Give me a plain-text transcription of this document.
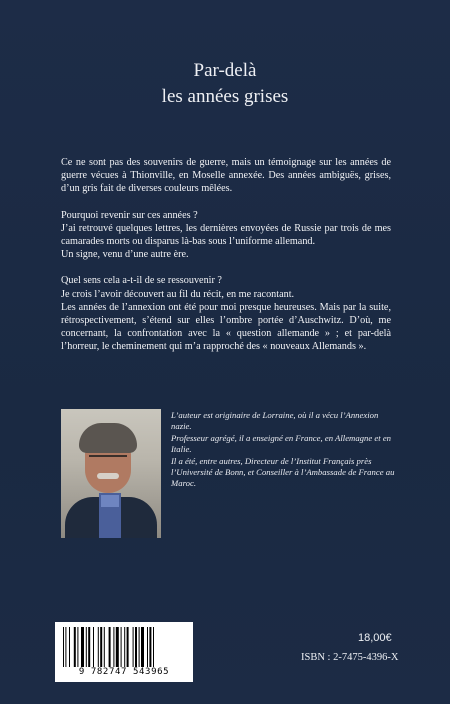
Par-delà
les années grises

Ce ne sont pas des souvenirs de guerre, mais un témoignage sur les années de guerre vécues à Thionville, en Moselle annexée. Des années ambiguës, grises, d’un gris fait de diverses couleurs mêlées.

Pourquoi revenir sur ces années ?

J’ai retrouvé quelques lettres, les dernières envoyées de Russie par trois de mes camarades morts ou disparus là-bas sous l’uniforme allemand.

Un signe, venu d’une autre ère.

Quel sens cela a-t-il de se ressouvenir ?

Je crois l’avoir découvert au fil du récit, en me racontant.

Les années de l’annexion ont été pour moi presque heureuses. Mais par la suite, rétrospectivement, s’étend sur elles l’ombre portée d’Auschwitz. D’où, me concernant, la confrontation avec la « question allemande » ; et par-delà l’horreur, le cheminement qui m’a rapproché des « nouveaux Allemands ».

L’auteur est originaire de Lorraine, où il a vécu l’Annexion nazie.

Professeur agrégé, il a enseigné en France, en Allemagne et en Italie.

Il a été, entre autres, Directeur de l’Institut Français près l’Université de Bonn, et Conseiller à l’Ambassade de France au Maroc.

9 782747 543965
18,00€
ISBN : 2-7475-4396-X
